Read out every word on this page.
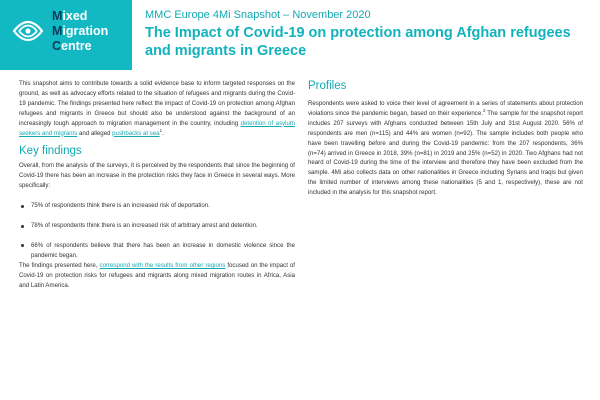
Mixed
Migration
Centre
MMC Europe 4Mi Snapshot – November 2020
The Impact of Covid-19 on protection among Afghan refugees and migrants in Greece

This snapshot aims to contribute towards a solid evidence base to inform targeted responses on the ground, as well as advocacy efforts related to the situation of refugees and migrants during the Covid-19 pandemic. The findings presented here reflect the impact of Covid-19 on protection among Afghan refugees and migrants in Greece but should also be understood against the background of an increasingly tough approach to migration management in the country, including detention of asylum seekers and migrants and alleged pushbacks at sea$^1$.

Key findings

Overall, from the analysis of the surveys, it is perceived by the respondents that since the beginning of Covid-19 there has been an increase in the protection risks they face in Greece in several ways. More specifically:

75% of respondents think there is an increased risk of deportation.
78% of respondents think there is an increased risk of arbitrary arrest and detention.
66% of respondents believe that there has been an increase in domestic violence since the pandemic began.

The findings presented here, correspond with the results from other regions focused on the impact of Covid-19 on protection risks for refugees and migrants along mixed migration routes in Africa, Asia and Latin America.

Profiles

Respondents were asked to voice their level of agreement in a series of statements about protection violations since the pandemic began, based on their experience.$^2$ The sample for the snapshot report includes 207 surveys with Afghans conducted between 15th July and 31st August 2020. 56% of respondents are men (n=115) and 44% are women (n=92). The sample includes both people who have been travelling before and during the Covid-19 pandemic: from the 207 respondents, 36% (n=74) arrived in Greece in 2018, 39% (n=81) in 2019 and 25% (n=52) in 2020. Two Afghans had not heard of Covid-19 during the time of the interview and therefore they have been excluded from the sample. 4Mi also collects data on other nationalities in Greece including Syrians and Iraqis but given the limited number of interviews among these nationalities (5 and 1, respectively), these are not included in the analysis for this snapshot report.
